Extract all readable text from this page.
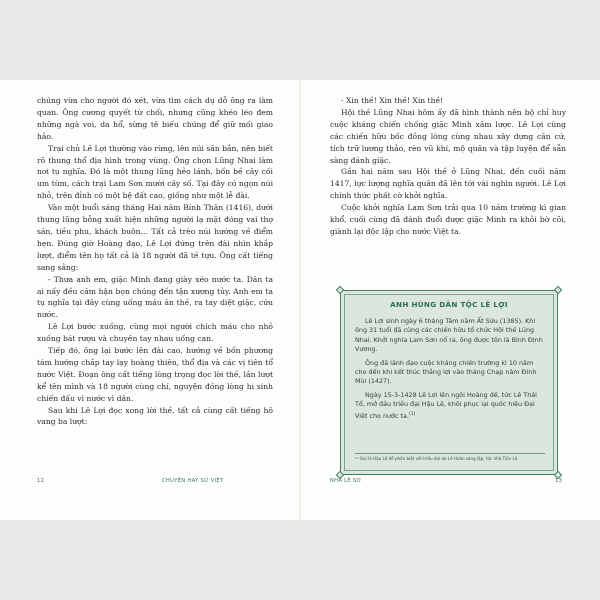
chúng vừa cho người đó xét, vừa tìm cách dụ dỗ ông ra làm quan. Ông cương quyết từ chối, nhưng cũng khéo léo đem những ngà voi, da hổ, sừng tê biếu chúng để giữ mối giao hảo.

Trại chủ Lê Lợi thường vào rừng, lên núi săn bắn, nên biết rõ thung thổ địa hình trong vùng. Ông chọn Lũng Nhai làm nơi tụ nghĩa. Đó là một thung lũng hẻo lánh, bốn bề cây cối um tùm, cách trại Lam Sơn mười cây số. Tại đây có ngọn núi nhỏ, trên đỉnh có một bệ đất cao, giống như một lễ đài.

Vào một buổi sáng tháng Hai năm Bính Thân (1416), dưới thung lũng bỗng xuất hiện những người lạ mặt đóng vai thợ săn, tiều phu, khách buôn… Tất cả trèo núi hướng về điểm hẹn. Đúng giờ Hoàng đạo, Lê Lợi đứng trên đài nhìn khắp lượt, điểm tên họ tất cả là 18 người đã tề tựu. Ông cất tiếng sang sảng:

- Thưa anh em, giặc Minh đang giày xéo nước ta. Dân ta ai nấy đều căm hận bọn chúng đến tận xương tủy. Anh em ta tụ nghĩa tại đây cùng uống máu ăn thề, ra tay diệt giặc, cứu nước.

Lê Lợi bước xuống, cùng mọi người chích máu cho nhỏ xuống bát rượu và chuyền tay nhau uống can.

Tiếp đó, ông lại bước lên đài cao, hướng về bốn phương tám hướng chắp tay lạy hoàng thiên, thổ địa và các vị tiên tổ nước Việt. Đoạn ông cất tiếng lòng trọng đọc lời thề, lần lượt kể tên mình và 18 người cùng chí, nguyện đồng lòng hi sinh chiến đấu vì nước vì dân.

Sau khi Lê Lợi đọc xong lời thề, tất cả cùng cất tiếng hô vang ba lượt:

12	CHUYỆN HAY SỬ VIỆT

- Xin thề! Xin thề! Xin thề!

Hội thề Lũng Nhai hôm ấy đã hình thành nên bộ chỉ huy cuộc kháng chiến chống giặc Minh xâm lược. Lê Lợi cùng các chiến hữu bốc đồng lòng cùng nhau xây dựng căn cứ, tích trữ lương thảo, rèn vũ khí, mộ quân và tập luyện để sẵn sàng đánh giặc.

Gần hai năm sau Hội thề ở Lũng Nhai, đến cuối năm 1417, lực lượng nghĩa quân đã lên tới vài nghìn người. Lê Lợi chính thức phất cờ khởi nghĩa.

Cuộc khởi nghĩa Lam Sơn trải qua 10 năm trường kì gian khổ, cuối cùng đã đánh đuổi được giặc Minh ra khỏi bờ cõi, giành lại độc lập cho nước Việt ta.

ANH HÙNG DÂN TỘC LÊ LỢI

Lê Lợi sinh ngày 6 tháng Tám năm Ất Sửu (1385). Khi ông 31 tuổi đã cùng các chiến hữu tổ chức Hội thề Lũng Nhai. Khởi nghĩa Lam Sơn nổ ra, ông được tôn là Bình Định Vương.

Ông đã lãnh đạo cuộc kháng chiến trường kì 10 năm cho đến khi kết thúc thắng lợi vào tháng Chạp năm Đinh Mùi (1427).

Ngày 15-3-1428 Lê Lợi lên ngôi Hoàng đế, tức Lê Thái Tổ, mở đầu triều đại Hậu Lê, khôi phục lại quốc hiệu Đại Việt cho nước ta.$^{(1)}$

⁽¹⁾ Gọi là Hậu Lê để phân biệt với triều đại do Lê Hoàn sáng lập, tức nhà Tiền Lê.
NHÀ LÊ SƠ	13
